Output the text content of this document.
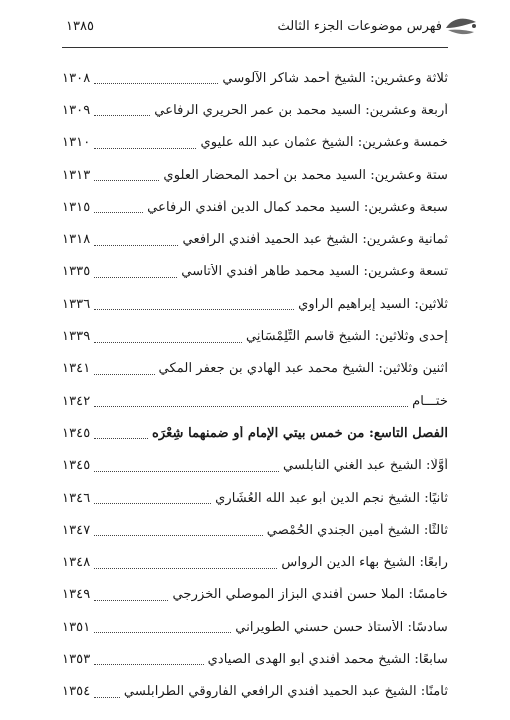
فهرس موضوعات الجزء الثالث
١٣٨٥
ثلاثة وعشرين: الشيخ أحمد شاكر الآلوسي
١٣٠٨
أربعة وعشرين: السيد محمد بن عمر الحريري الرفاعي
١٣٠٩
خمسة وعشرين: الشيخ عثمان عبد الله عليوي
١٣١٠
ستة وعشرين: السيد محمد بن أحمد المحضار العلوي
١٣١٣
سبعة وعشرين: السيد محمد كمال الدين أفندي الرفاعي
١٣١٥
ثمانية وعشرين: الشيخ عبد الحميد أفندي الرافعي
١٣١٨
تسعة وعشرين: السيد محمد طاهر أفندي الأتاسي
١٣٣٥
ثلاثين: السيد إبراهيم الراوي
١٣٣٦
إحدى وثلاثين: الشيخ قاسم التِّلِمْسَانِي
١٣٣٩
اثنين وثلاثين: الشيخ محمد عبد الهادي بن جعفر المكي
١٣٤١
ختـــام
١٣٤٢
الفصل التاسع: من خمس بيتي الإمام أو ضمنهما شِعْرَه
١٣٤٥
أَوَّلًا: الشيخ عبد الغني النابلسي
١٣٤٥
ثانيًا: الشيخ نجم الدين أبو عبد الله العُشَاري
١٣٤٦
ثالثًا: الشيخ أمين الجندي الحُمْصي
١٣٤٧
رابعًا: الشيخ بهاء الدين الرواس
١٣٤٨
خامسًا: الملا حسن أفندي البزاز الموصلي الخزرجي
١٣٤٩
سادسًا: الأستاذ حسن حسني الطويراني
١٣٥١
سابعًا: الشيخ محمد أفندي أبو الهدى الصيادي
١٣٥٣
ثامنًا: الشيخ عبد الحميد أفندي الرافعي الفاروقي الطرابلسي
١٣٥٤
